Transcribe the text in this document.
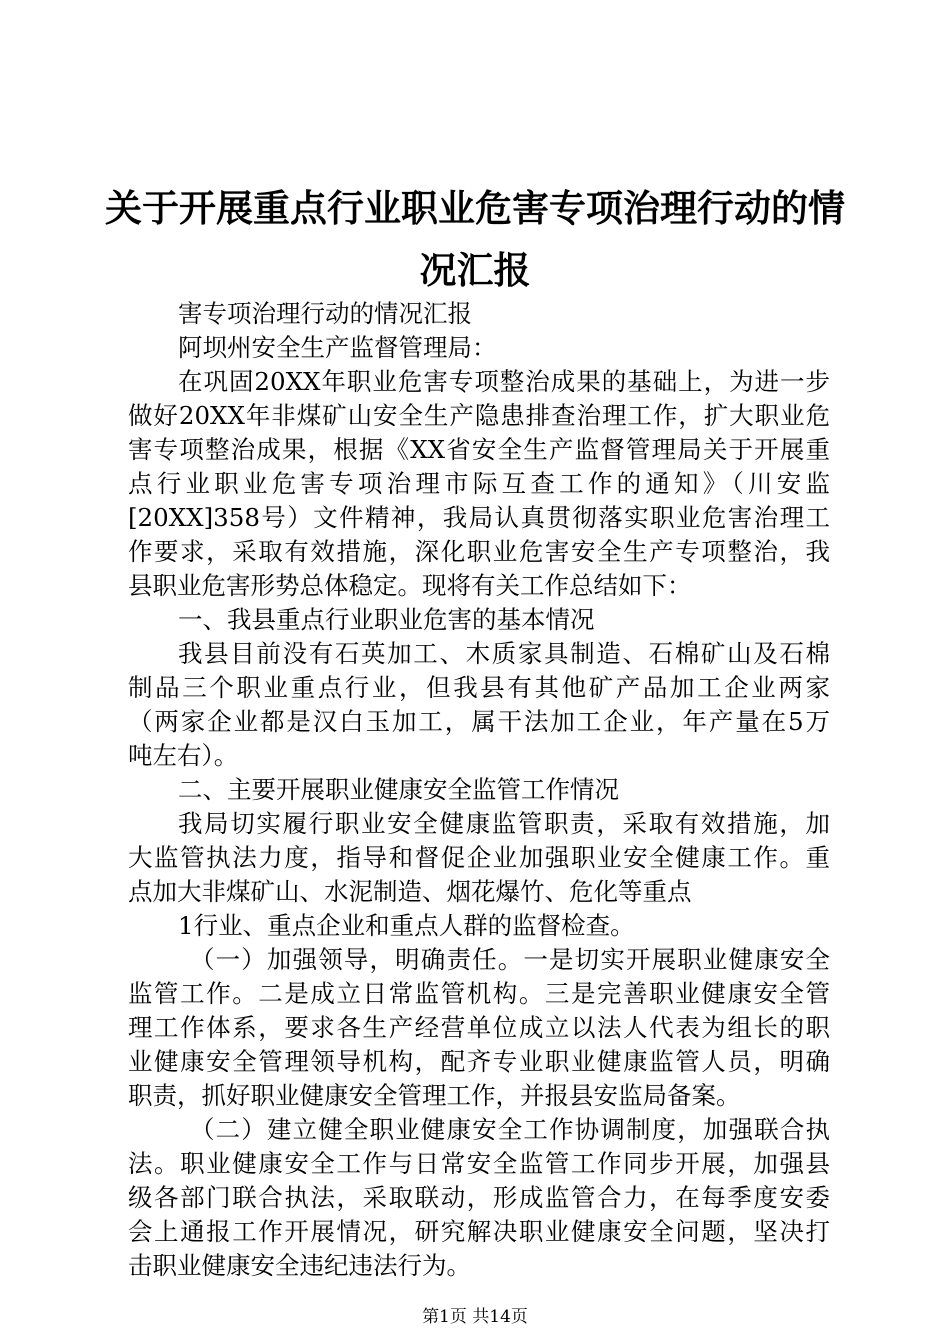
关于开展重点行业职业危害专项治理行动的情
况汇报
害专项治理行动的情况汇报
阿坝州安全生产监督管理局：
在巩固20XX年职业危害专项整治成果的基础上，为进一步
做好20XX年非煤矿山安全生产隐患排查治理工作，扩大职业危
害专项整治成果，根据《XX省安全生产监督管理局关于开展重
点行业职业危害专项治理市际互查工作的通知》（川安监
[20XX]358号）文件精神，我局认真贯彻落实职业危害治理工
作要求，采取有效措施，深化职业危害安全生产专项整治，我
县职业危害形势总体稳定。现将有关工作总结如下：
一、我县重点行业职业危害的基本情况
我县目前没有石英加工、木质家具制造、石棉矿山及石棉
制品三个职业重点行业，但我县有其他矿产品加工企业两家
（两家企业都是汉白玉加工，属干法加工企业，年产量在5万
吨左右）。
二、主要开展职业健康安全监管工作情况
我局切实履行职业安全健康监管职责，采取有效措施，加
大监管执法力度，指导和督促企业加强职业安全健康工作。重
点加大非煤矿山、水泥制造、烟花爆竹、危化等重点
1行业、重点企业和重点人群的监督检查。
（一）加强领导，明确责任。一是切实开展职业健康安全
监管工作。二是成立日常监管机构。三是完善职业健康安全管
理工作体系，要求各生产经营单位成立以法人代表为组长的职
业健康安全管理领导机构，配齐专业职业健康监管人员，明确
职责，抓好职业健康安全管理工作，并报县安监局备案。
（二）建立健全职业健康安全工作协调制度，加强联合执
法。职业健康安全工作与日常安全监管工作同步开展，加强县
级各部门联合执法，采取联动，形成监管合力，在每季度安委
会上通报工作开展情况，研究解决职业健康安全问题，坚决打
击职业健康安全违纪违法行为。
第1页 共14页
